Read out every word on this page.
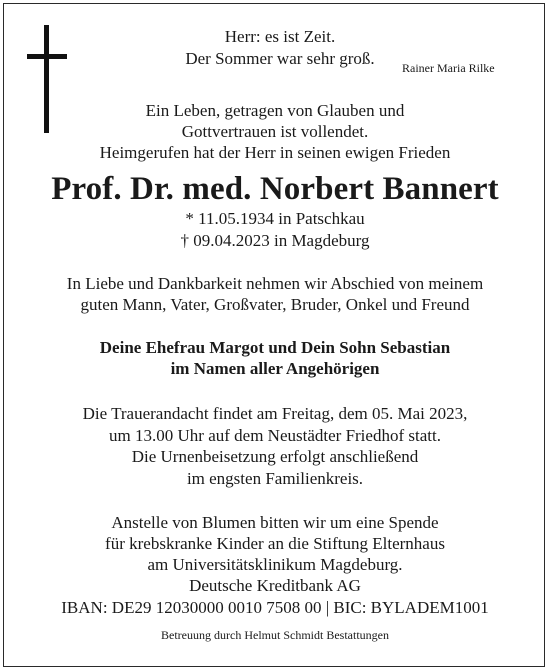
Herr: es ist Zeit.
Der Sommer war sehr groß.	Rainer Maria Rilke
Ein Leben, getragen von Glauben und
Gottvertrauen ist vollendet.
Heimgerufen hat der Herr in seinen ewigen Frieden
Prof. Dr. med. Norbert Bannert
* 11.05.1934 in Patschkau
† 09.04.2023 in Magdeburg
In Liebe und Dankbarkeit nehmen wir Abschied von meinem
guten Mann, Vater, Großvater, Bruder, Onkel und Freund
Deine Ehefrau Margot und Dein Sohn Sebastian
im Namen aller Angehörigen
Die Trauerandacht findet am Freitag, dem 05. Mai 2023,
um 13.00 Uhr auf dem Neustädter Friedhof statt.
Die Urnenbeisetzung erfolgt anschließend
im engsten Familienkreis.
Anstelle von Blumen bitten wir um eine Spende
für krebskranke Kinder an die Stiftung Elternhaus
am Universitätsklinikum Magdeburg.
Deutsche Kreditbank AG
IBAN: DE29 12030000 0010 7508 00 | BIC: BYLADEM1001
Betreuung durch Helmut Schmidt Bestattungen
